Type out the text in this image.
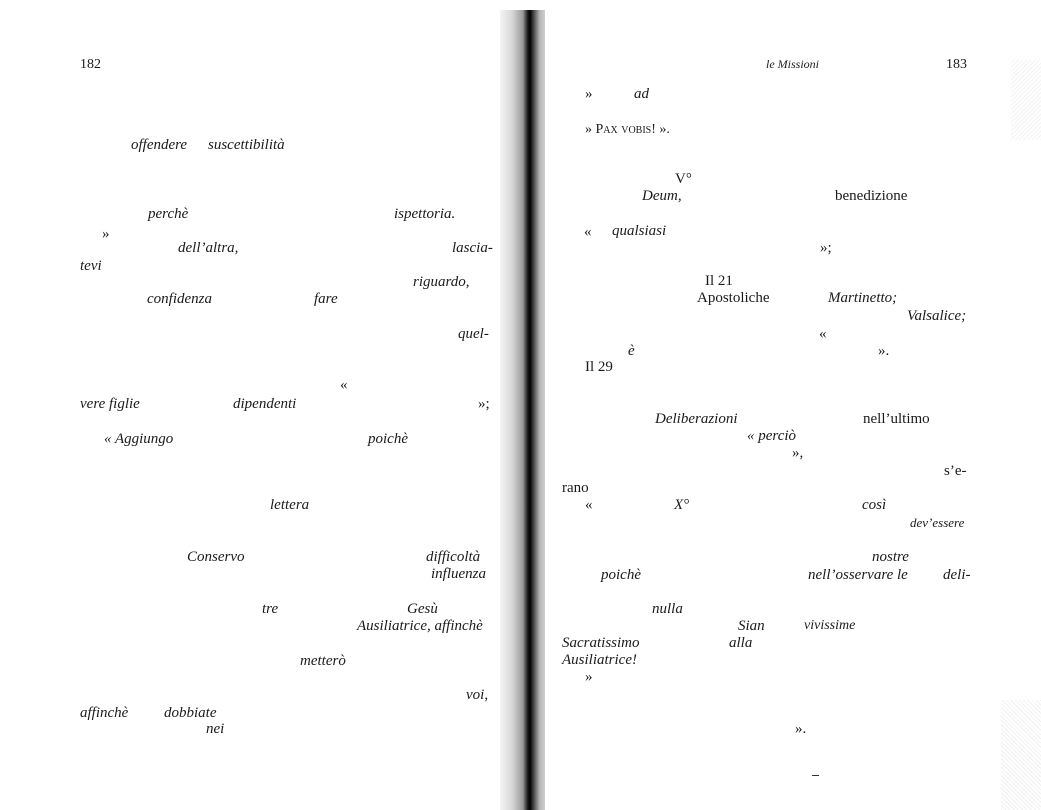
182
offendere suscettibilità
perchè	ispettoria.
»
dell’altra,	lascia-
tevi
riguardo,
confidenza	fare
quel-
«
vere figlie	dipendenti	»;
« Aggiungo	poichè
lettera
Conservo	difficoltà
influenza
tre	Gesù
Ausiliatrice, affinchè
metterò
voi,
affinchè dobbiate
nei
le Missioni	183
»	ad
» Pax vobis! ».
V°
Deum,	benedizione
« qualsiasi
»;
Il 21
Apostoliche	Martinetto;
Valsalice;
«
è	».
Il 29
Deliberazioni	nell’ultimo
« perciò
»,
s’e-
rano
«	X°	così
dev’essere
nostre
poichè	nell’osservare le deli-
nulla
Sian	vivissime
Sacratissimo	alla
Ausiliatrice!
»
».
